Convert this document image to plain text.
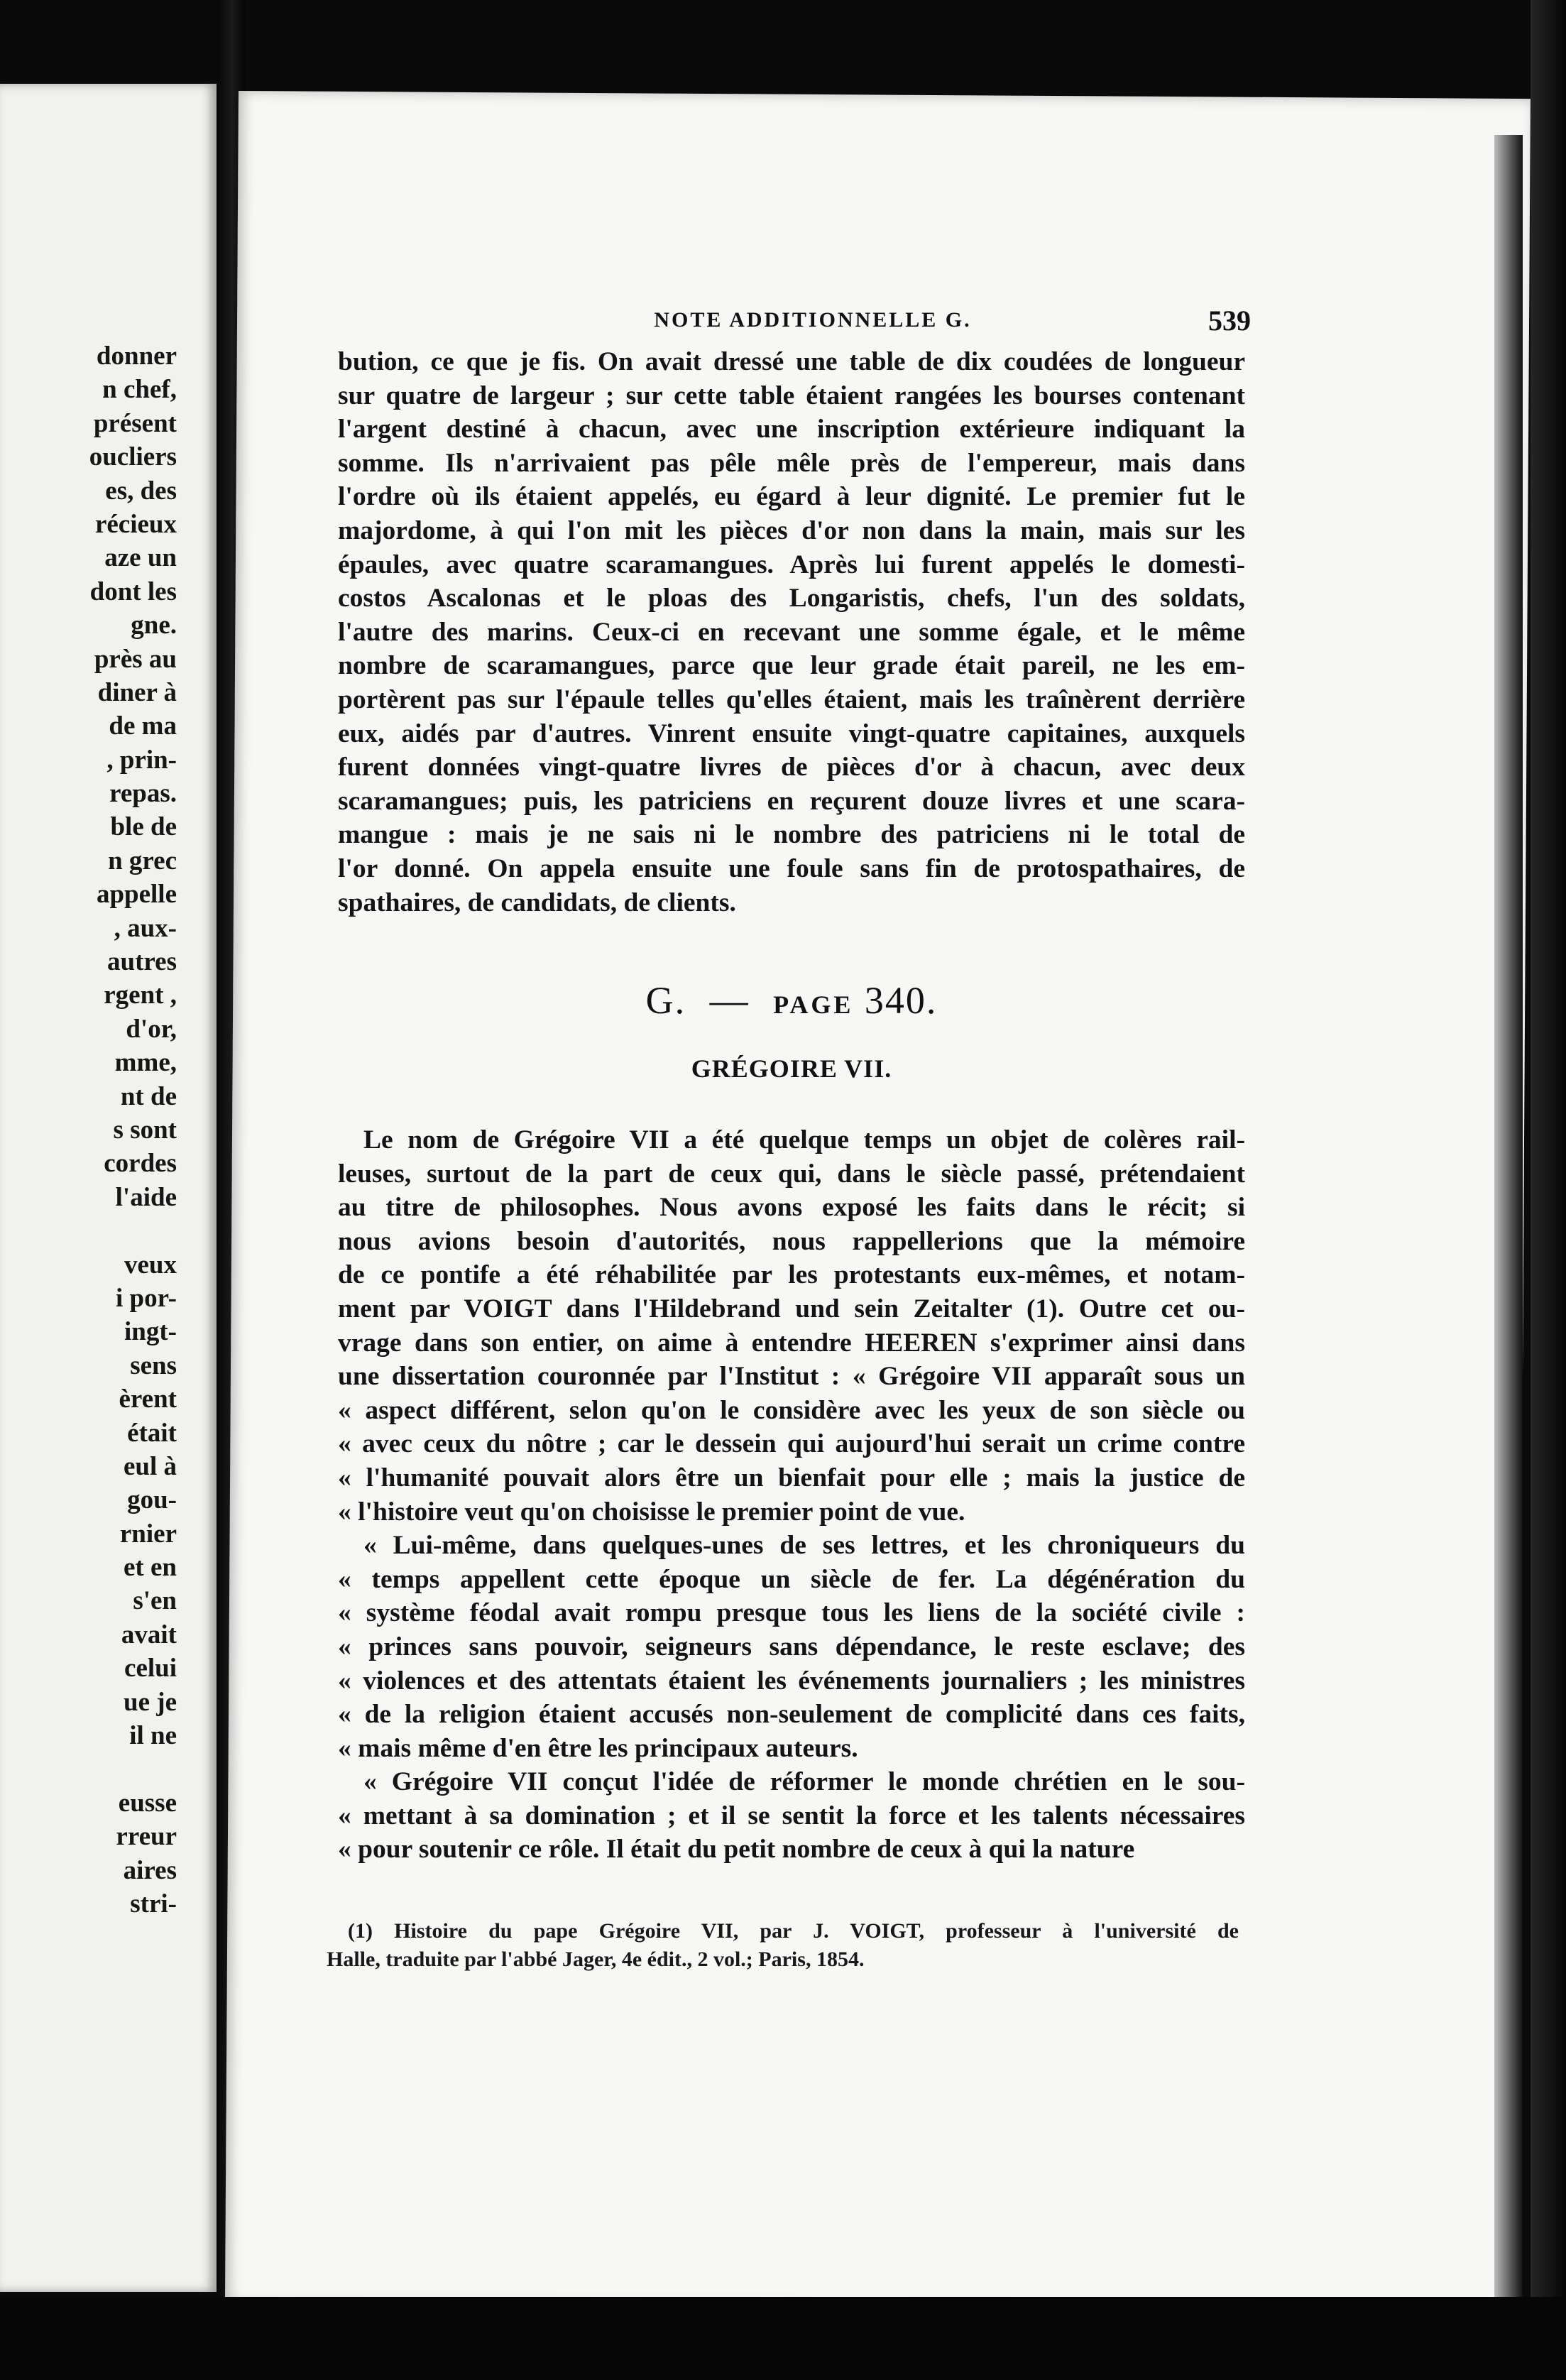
donner
n chef,
présent
oucliers
es, des
récieux
aze un
dont les
gne.
près au
diner à
de ma
, prin-
repas.
ble de
n grec
appelle
, aux-
autres
rgent ,
d'or,
mme,
nt de
s sont
cordes
l'aide

veux
i por-
ingt-
sens
èrent
était
eul à
gou-
rnier
et en
s'en
avait
celui
ue je
il ne

eusse
rreur
aires
stri-
NOTE ADDITIONNELLE G.	539
bution, ce que je fis. On avait dressé une table de dix coudées de longueur
sur quatre de largeur ; sur cette table étaient rangées les bourses contenant
l'argent destiné à chacun, avec une inscription extérieure indiquant la
somme. Ils n'arrivaient pas pêle mêle près de l'empereur, mais dans
l'ordre où ils étaient appelés, eu égard à leur dignité. Le premier fut le
majordome, à qui l'on mit les pièces d'or non dans la main, mais sur les
épaules, avec quatre scaramangues. Après lui furent appelés le domesti-
costos Ascalonas et le ploas des Longaristis, chefs, l'un des soldats,
l'autre des marins. Ceux-ci en recevant une somme égale, et le même
nombre de scaramangues, parce que leur grade était pareil, ne les em-
portèrent pas sur l'épaule telles qu'elles étaient, mais les traînèrent derrière
eux, aidés par d'autres. Vinrent ensuite vingt-quatre capitaines, auxquels
furent données vingt-quatre livres de pièces d'or à chacun, avec deux
scaramangues; puis, les patriciens en reçurent douze livres et une scara-
mangue : mais je ne sais ni le nombre des patriciens ni le total de
l'or donné. On appela ensuite une foule sans fin de protospathaires, de
spathaires, de candidats, de clients.
G. — PAGE 340.
GRÉGOIRE VII.
Le nom de Grégoire VII a été quelque temps un objet de colères rail-
leuses, surtout de la part de ceux qui, dans le siècle passé, prétendaient
au titre de philosophes. Nous avons exposé les faits dans le récit; si
nous avions besoin d'autorités, nous rappellerions que la mémoire
de ce pontife a été réhabilitée par les protestants eux-mêmes, et notam-
ment par VOIGT dans l'Hildebrand und sein Zeitalter (1). Outre cet ou-
vrage dans son entier, on aime à entendre HEEREN s'exprimer ainsi dans
une dissertation couronnée par l'Institut : « Grégoire VII apparaît sous un
« aspect différent, selon qu'on le considère avec les yeux de son siècle ou
« avec ceux du nôtre ; car le dessein qui aujourd'hui serait un crime contre
« l'humanité pouvait alors être un bienfait pour elle ; mais la justice de
« l'histoire veut qu'on choisisse le premier point de vue.
« Lui-même, dans quelques-unes de ses lettres, et les chroniqueurs du
« temps appellent cette époque un siècle de fer. La dégénération du
« système féodal avait rompu presque tous les liens de la société civile :
« princes sans pouvoir, seigneurs sans dépendance, le reste esclave; des
« violences et des attentats étaient les événements journaliers ; les ministres
« de la religion étaient accusés non-seulement de complicité dans ces faits,
« mais même d'en être les principaux auteurs.
« Grégoire VII conçut l'idée de réformer le monde chrétien en le sou-
« mettant à sa domination ; et il se sentit la force et les talents nécessaires
« pour soutenir ce rôle. Il était du petit nombre de ceux à qui la nature
(1) Histoire du pape Grégoire VII, par J. VOIGT, professeur à l'université de
Halle, traduite par l'abbé Jager, 4e édit., 2 vol.; Paris, 1854.
